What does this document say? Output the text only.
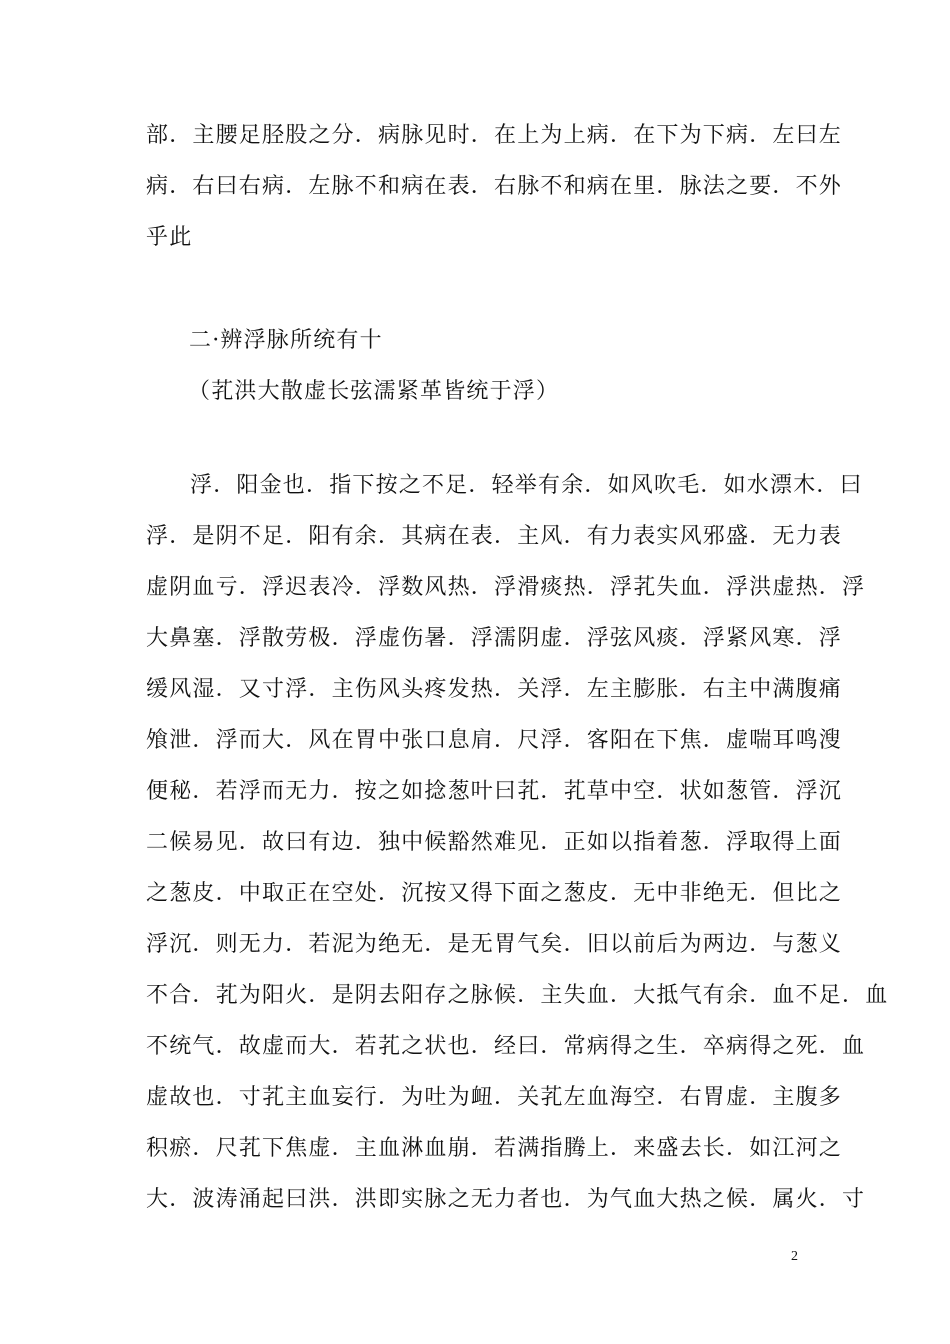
部．主腰足胫股之分．病脉见时．在上为上病．在下为下病．左曰左
病．右曰右病．左脉不和病在表．右脉不和病在里．脉法之要．不外
乎此
二·辨浮脉所统有十
（芤洪大散虚长弦濡紧革皆统于浮）
浮．阳金也．指下按之不足．轻举有余．如风吹毛．如水漂木．曰
浮．是阴不足．阳有余．其病在表．主风．有力表实风邪盛．无力表
虚阴血亏．浮迟表冷．浮数风热．浮滑痰热．浮芤失血．浮洪虚热．浮
大鼻塞．浮散劳极．浮虚伤暑．浮濡阴虚．浮弦风痰．浮紧风寒．浮
缓风湿．又寸浮．主伤风头疼发热．关浮．左主膨胀．右主中满腹痛
飧泄．浮而大．风在胃中张口息肩．尺浮．客阳在下焦．虚喘耳鸣溲
便秘．若浮而无力．按之如捻葱叶曰芤．芤草中空．状如葱管．浮沉
二候易见．故曰有边．独中候豁然难见．正如以指着葱．浮取得上面
之葱皮．中取正在空处．沉按又得下面之葱皮．无中非绝无．但比之
浮沉．则无力．若泥为绝无．是无胃气矣．旧以前后为两边．与葱义
不合．芤为阳火．是阴去阳存之脉候．主失血．大抵气有余．血不足．血
不统气．故虚而大．若芤之状也．经曰．常病得之生．卒病得之死．血
虚故也．寸芤主血妄行．为吐为衄．关芤左血海空．右胃虚．主腹多
积瘀．尺芤下焦虚．主血淋血崩．若满指腾上．来盛去长．如江河之
大．波涛涌起曰洪．洪即实脉之无力者也．为气血大热之候．属火．寸
2
